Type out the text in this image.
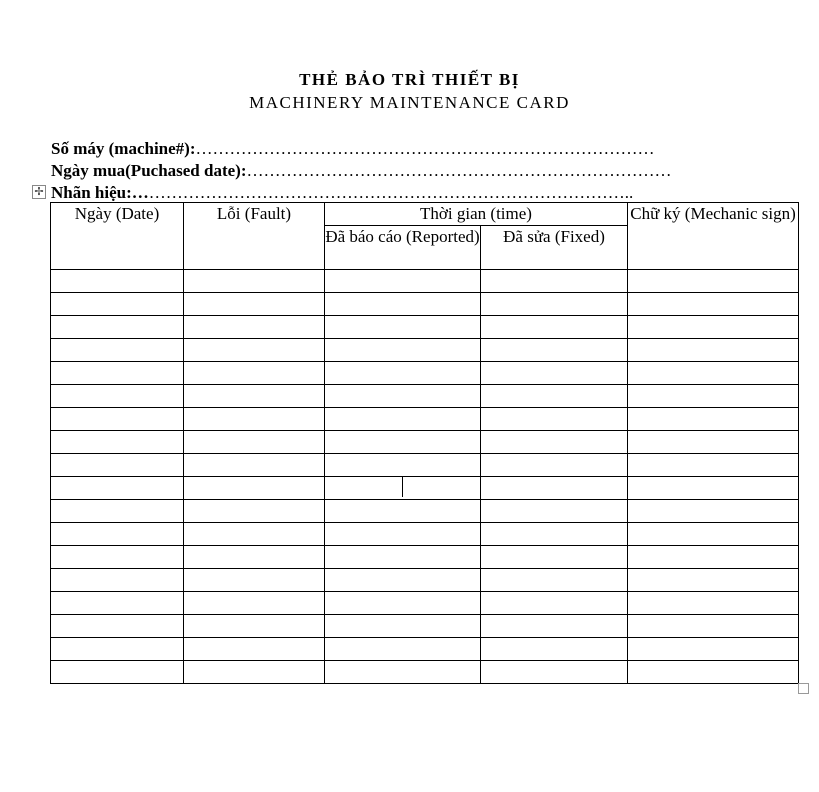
THẺ BẢO TRÌ THIẾT BỊ
MACHINERY MAINTENANCE CARD
Số máy (machine#):………………………………………………………………………
Ngày mua(Puchased date):…………………………………………………………………
Nhãn hiệu:……………………………………………………………………………..
✢
Ngày (Date)	Lỗi (Fault)	Thời gian (time)		Chữ ký (Mechanic sign)
		Đã báo cáo (Reported)	Đã sửa (Fixed)	
